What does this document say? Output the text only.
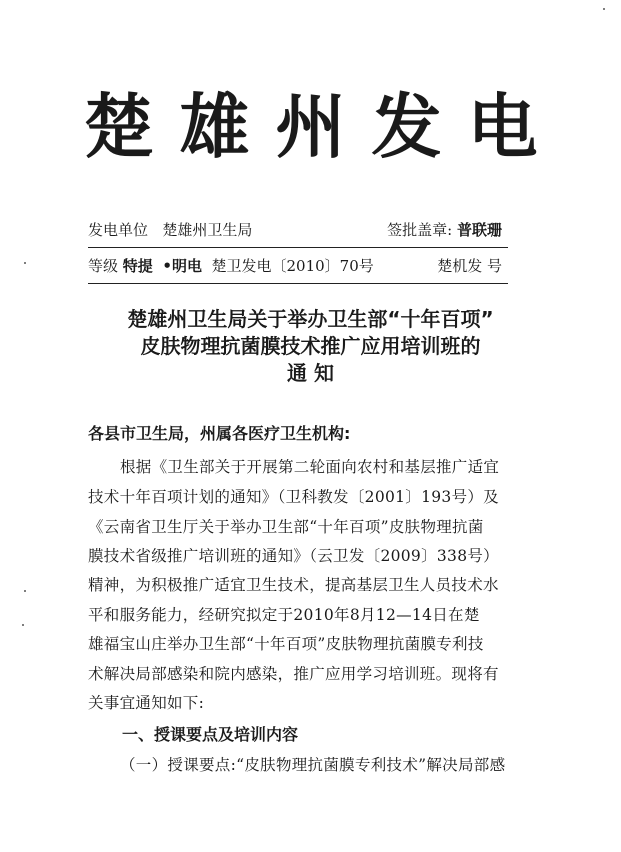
楚雄州发电
发电单位 楚雄州卫生局	签批盖章: 普联珊
等级 特提 •明电 楚卫发电〔2010〕70号	楚机发 号
楚雄州卫生局关于举办卫生部“十年百项”
皮肤物理抗菌膜技术推广应用培训班的
通 知
各县市卫生局，州属各医疗卫生机构:
根据《卫生部关于开展第二轮面向农村和基层推广适宜
技术十年百项计划的通知》（卫科教发〔2001〕193号）及
《云南省卫生厅关于举办卫生部“十年百项”皮肤物理抗菌
膜技术省级推广培训班的通知》（云卫发〔2009〕338号）
精神，为积极推广适宜卫生技术，提高基层卫生人员技术水
平和服务能力，经研究拟定于2010年8月12—14日在楚
雄福宝山庄举办卫生部“十年百项”皮肤物理抗菌膜专利技
术解决局部感染和院内感染，推广应用学习培训班。现将有
关事宜通知如下:
一、授课要点及培训内容
（一）授课要点:“皮肤物理抗菌膜专利技术”解决局部感
